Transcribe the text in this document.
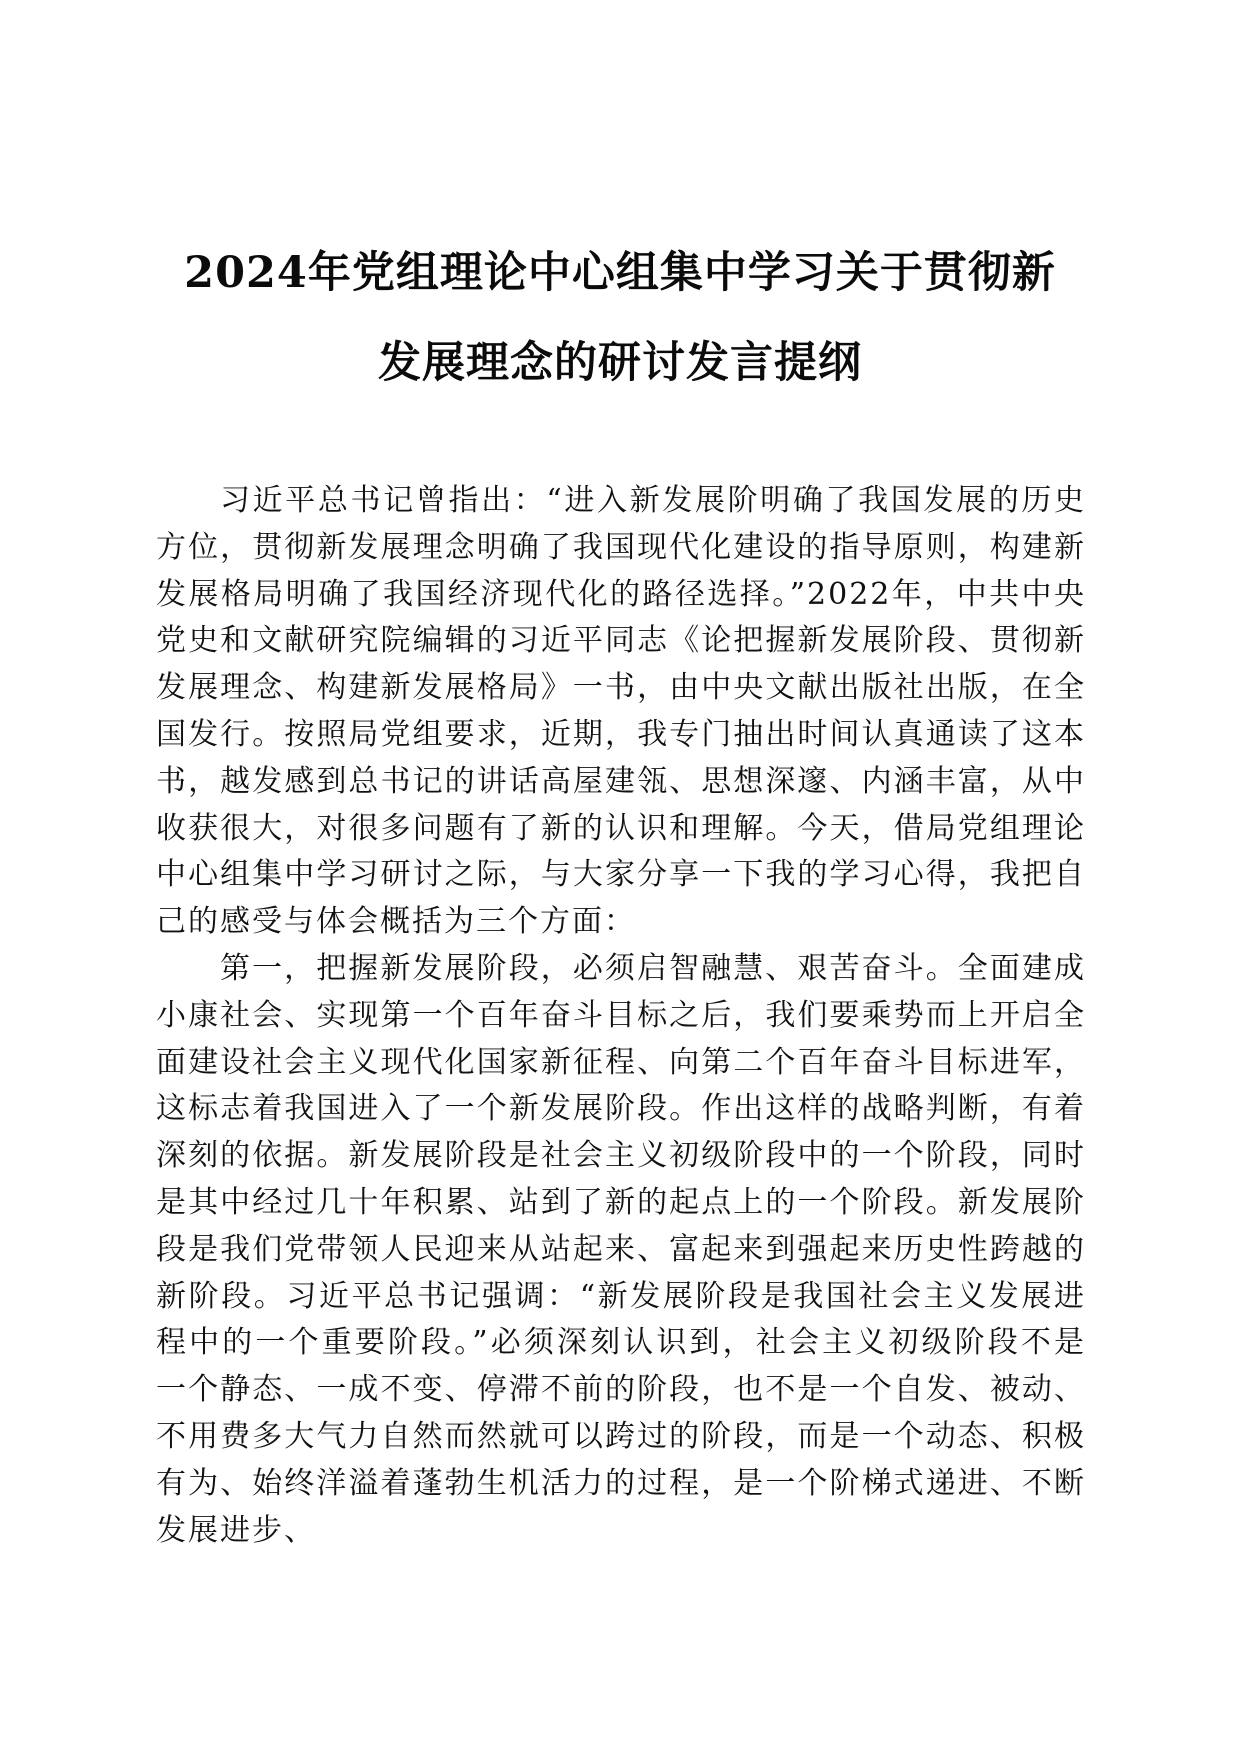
2024年党组理论中心组集中学习关于贯彻新
发展理念的研讨发言提纲

习近平总书记曾指出：“进入新发展阶明确了我国发展的历史方位，贯彻新发展理念明确了我国现代化建设的指导原则，构建新发展格局明确了我国经济现代化的路径选择。”2022年，中共中央党史和文献研究院编辑的习近平同志《论把握新发展阶段、贯彻新发展理念、构建新发展格局》一书，由中央文献出版社出版，在全国发行。按照局党组要求，近期，我专门抽出时间认真通读了这本书，越发感到总书记的讲话高屋建瓴、思想深邃、内涵丰富，从中收获很大，对很多问题有了新的认识和理解。今天，借局党组理论中心组集中学习研讨之际，与大家分享一下我的学习心得，我把自己的感受与体会概括为三个方面：

第一，把握新发展阶段，必须启智融慧、艰苦奋斗。全面建成小康社会、实现第一个百年奋斗目标之后，我们要乘势而上开启全面建设社会主义现代化国家新征程、向第二个百年奋斗目标进军，这标志着我国进入了一个新发展阶段。作出这样的战略判断，有着深刻的依据。新发展阶段是社会主义初级阶段中的一个阶段，同时是其中经过几十年积累、站到了新的起点上的一个阶段。新发展阶段是我们党带领人民迎来从站起来、富起来到强起来历史性跨越的新阶段。习近平总书记强调：“新发展阶段是我国社会主义发展进程中的一个重要阶段。”必须深刻认识到，社会主义初级阶段不是一个静态、一成不变、停滞不前的阶段，也不是一个自发、被动、不用费多大气力自然而然就可以跨过的阶段，而是一个动态、积极有为、始终洋溢着蓬勃生机活力的过程，是一个阶梯式递进、不断发展进步、
